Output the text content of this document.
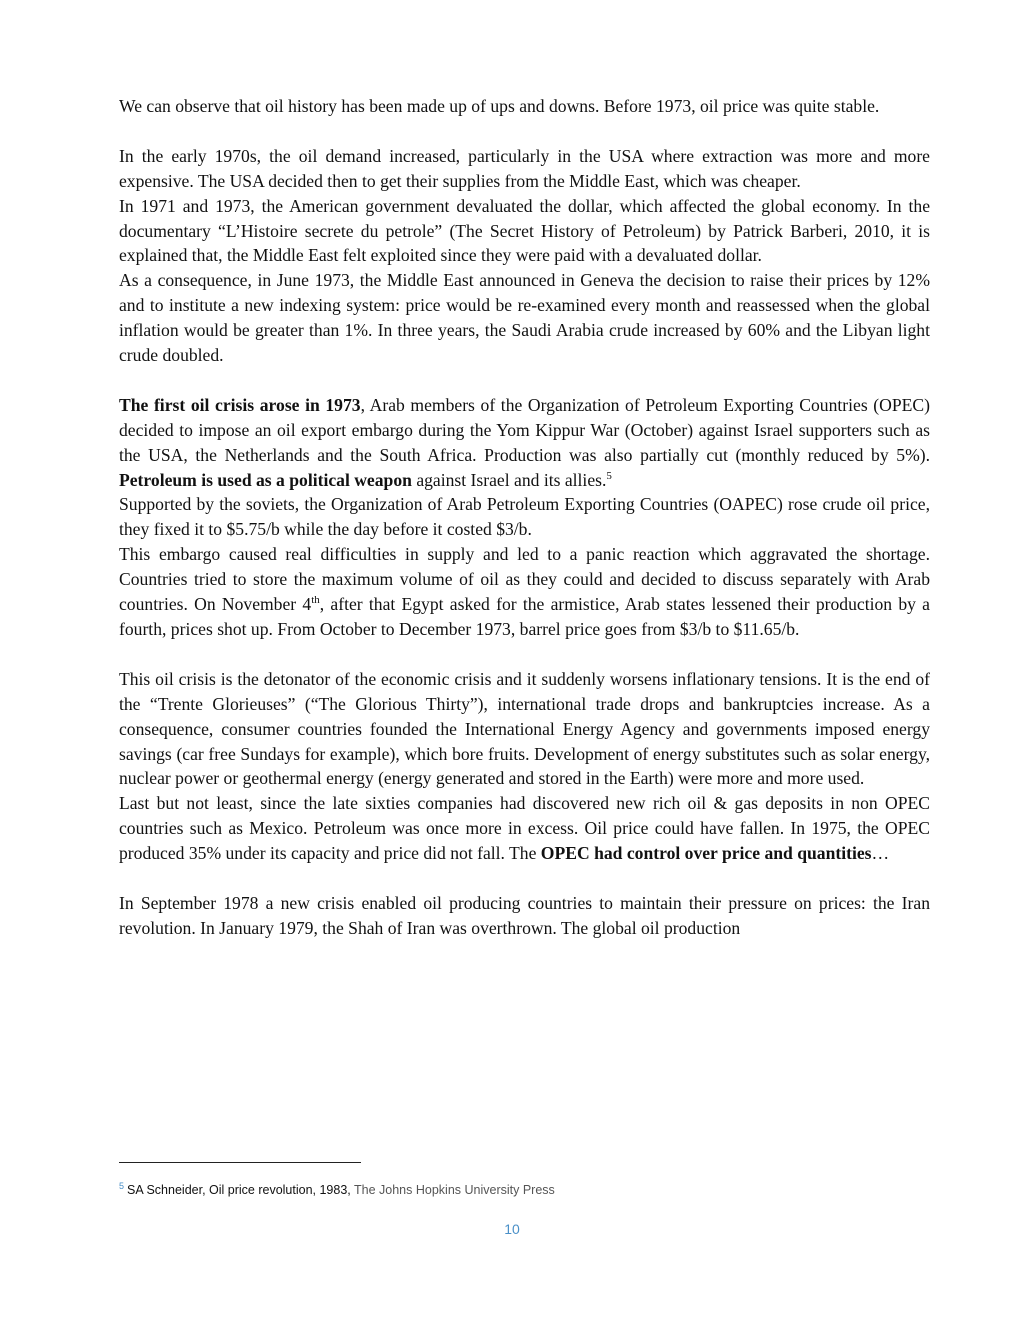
We can observe that oil history has been made up of ups and downs. Before 1973, oil price was quite stable.

In the early 1970s, the oil demand increased, particularly in the USA where extraction was more and more expensive. The USA decided then to get their supplies from the Middle East, which was cheaper.

In 1971 and 1973, the American government devaluated the dollar, which affected the global economy. In the documentary “L’Histoire secrete du petrole” (The Secret History of Petroleum) by Patrick Barberi, 2010, it is explained that, the Middle East felt exploited since they were paid with a devaluated dollar.

As a consequence, in June 1973, the Middle East announced in Geneva the decision to raise their prices by 12% and to institute a new indexing system: price would be re-examined every month and reassessed when the global inflation would be greater than 1%. In three years, the Saudi Arabia crude increased by 60% and the Libyan light crude doubled.

The first oil crisis arose in 1973, Arab members of the Organization of Petroleum Exporting Countries (OPEC) decided to impose an oil export embargo during the Yom Kippur War (October) against Israel supporters such as the USA, the Netherlands and the South Africa. Production was also partially cut (monthly reduced by 5%). Petroleum is used as a political weapon against Israel and its allies.$^5$

Supported by the soviets, the Organization of Arab Petroleum Exporting Countries (OAPEC) rose crude oil price, they fixed it to $5.75/b while the day before it costed $3/b.

This embargo caused real difficulties in supply and led to a panic reaction which aggravated the shortage. Countries tried to store the maximum volume of oil as they could and decided to discuss separately with Arab countries. On November 4th, after that Egypt asked for the armistice, Arab states lessened their production by a fourth, prices shot up. From October to December 1973, barrel price goes from $3/b to $11.65/b.

This oil crisis is the detonator of the economic crisis and it suddenly worsens inflationary tensions. It is the end of the “Trente Glorieuses” (“The Glorious Thirty”), international trade drops and bankruptcies increase. As a consequence, consumer countries founded the International Energy Agency and governments imposed energy savings (car free Sundays for example), which bore fruits. Development of energy substitutes such as solar energy, nuclear power or geothermal energy (energy generated and stored in the Earth) were more and more used.

Last but not least, since the late sixties companies had discovered new rich oil & gas deposits in non OPEC countries such as Mexico. Petroleum was once more in excess. Oil price could have fallen. In 1975, the OPEC produced 35% under its capacity and price did not fall. The OPEC had control over price and quantities…

In September 1978 a new crisis enabled oil producing countries to maintain their pressure on prices: the Iran revolution. In January 1979, the Shah of Iran was overthrown. The global oil production

$^5$ SA Schneider, Oil price revolution, 1983, The Johns Hopkins University Press
10
